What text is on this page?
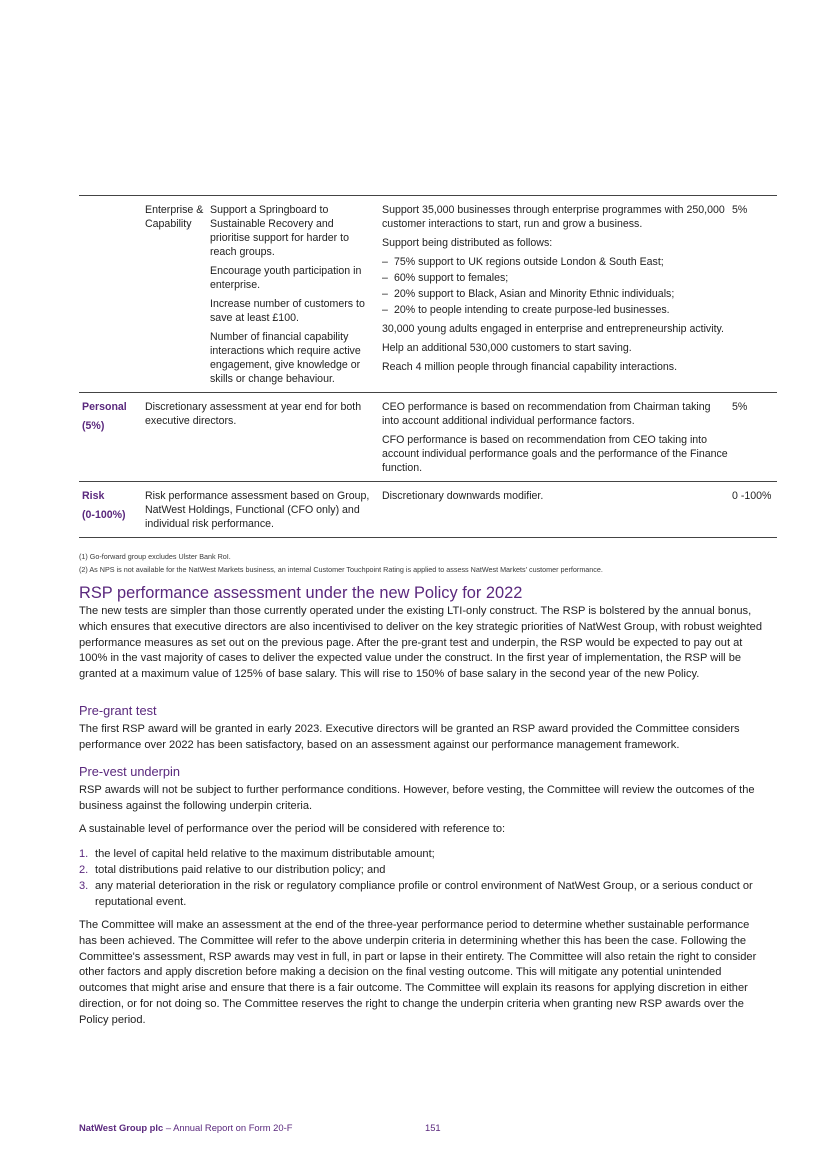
Enterprise & Capability

Support a Springboard to Sustainable Recovery and prioritise support for harder to reach groups.

Encourage youth participation in enterprise.

Increase number of customers to save at least £100.

Number of financial capability interactions which require active engagement, give knowledge or skills or change behaviour.

Support 35,000 businesses through enterprise programmes with 250,000 customer interactions to start, run and grow a business.

Support being distributed as follows:

– 75% support to UK regions outside London & South East;
– 60% support to females;
– 20% support to Black, Asian and Minority Ethnic individuals;
– 20% to people intending to create purpose-led businesses.

30,000 young adults engaged in enterprise and entrepreneurship activity.

Help an additional 530,000 customers to start saving.

Reach 4 million people through financial capability interactions.

5%
Personal
(5%)
Discretionary assessment at year end for both executive directors.

CEO performance is based on recommendation from Chairman taking into account additional individual performance factors.

CFO performance is based on recommendation from CEO taking into account individual performance goals and the performance of the Finance function.

5%
Risk
(0-100%)
Risk performance assessment based on Group, NatWest Holdings, Functional (CFO only) and individual risk performance.

Discretionary downwards modifier.	0 -100%
(1) Go-forward group excludes Ulster Bank RoI.
(2) As NPS is not available for the NatWest Markets business, an internal Customer Touchpoint Rating is applied to assess NatWest Markets' customer performance.
RSP performance assessment under the new Policy for 2022

The new tests are simpler than those currently operated under the existing LTI-only construct. The RSP is bolstered by the annual bonus, which ensures that executive directors are also incentivised to deliver on the key strategic priorities of NatWest Group, with robust weighted performance measures as set out on the previous page. After the pre-grant test and underpin, the RSP would be expected to pay out at 100% in the vast majority of cases to deliver the expected value under the construct. In the first year of implementation, the RSP will be granted at a maximum value of 125% of base salary. This will rise to 150% of base salary in the second year of the new Policy.

Pre-grant test

The first RSP award will be granted in early 2023. Executive directors will be granted an RSP award provided the Committee considers performance over 2022 has been satisfactory, based on an assessment against our performance management framework.

Pre-vest underpin

RSP awards will not be subject to further performance conditions. However, before vesting, the Committee will review the outcomes of the business against the following underpin criteria.

A sustainable level of performance over the period will be considered with reference to:

1. the level of capital held relative to the maximum distributable amount;
2. total distributions paid relative to our distribution policy; and
3. any material deterioration in the risk or regulatory compliance profile or control environment of NatWest Group, or a serious conduct or reputational event.

The Committee will make an assessment at the end of the three-year performance period to determine whether sustainable performance has been achieved. The Committee will refer to the above underpin criteria in determining whether this has been the case. Following the Committee's assessment, RSP awards may vest in full, in part or lapse in their entirety. The Committee will also retain the right to consider other factors and apply discretion before making a decision on the final vesting outcome. This will mitigate any potential unintended outcomes that might arise and ensure that there is a fair outcome. The Committee will explain its reasons for applying discretion in either direction, or for not doing so. The Committee reserves the right to change the underpin criteria when granting new RSP awards over the Policy period.

NatWest Group plc – Annual Report on Form 20-F	151
